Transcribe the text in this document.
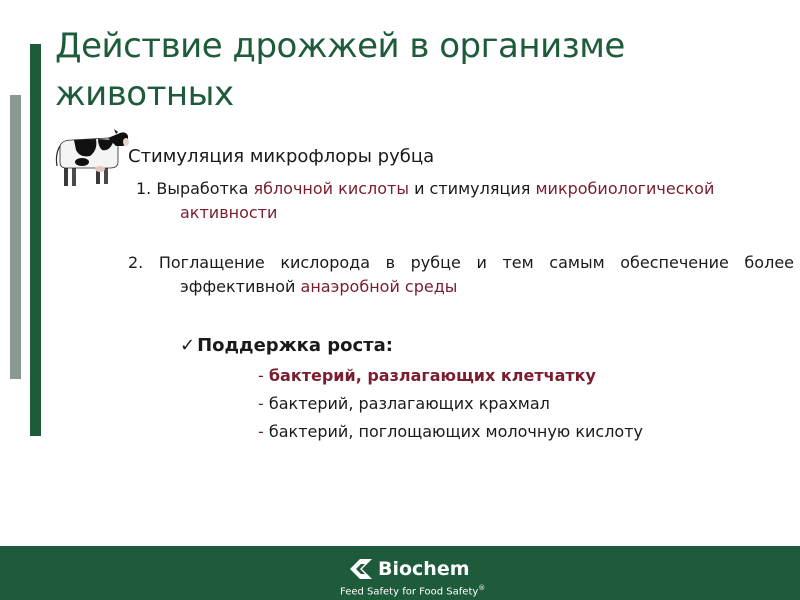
Действие дрожжей в организме животных

Стимуляция микрофлоры рубца

1. Выработка яблочной кислоты и стимуляция микробиологической активности

2. Поглащение кислорода в рубце и тем самым обеспечение более эффективной анаэробной среды

✓ Поддержка роста:
- бактерий, разлагающих клетчатку
- бактерий, разлагающих крахмал
- бактерий, поглощающих молочную кислоту
Biochem
Feed Safety for Food Safety®
